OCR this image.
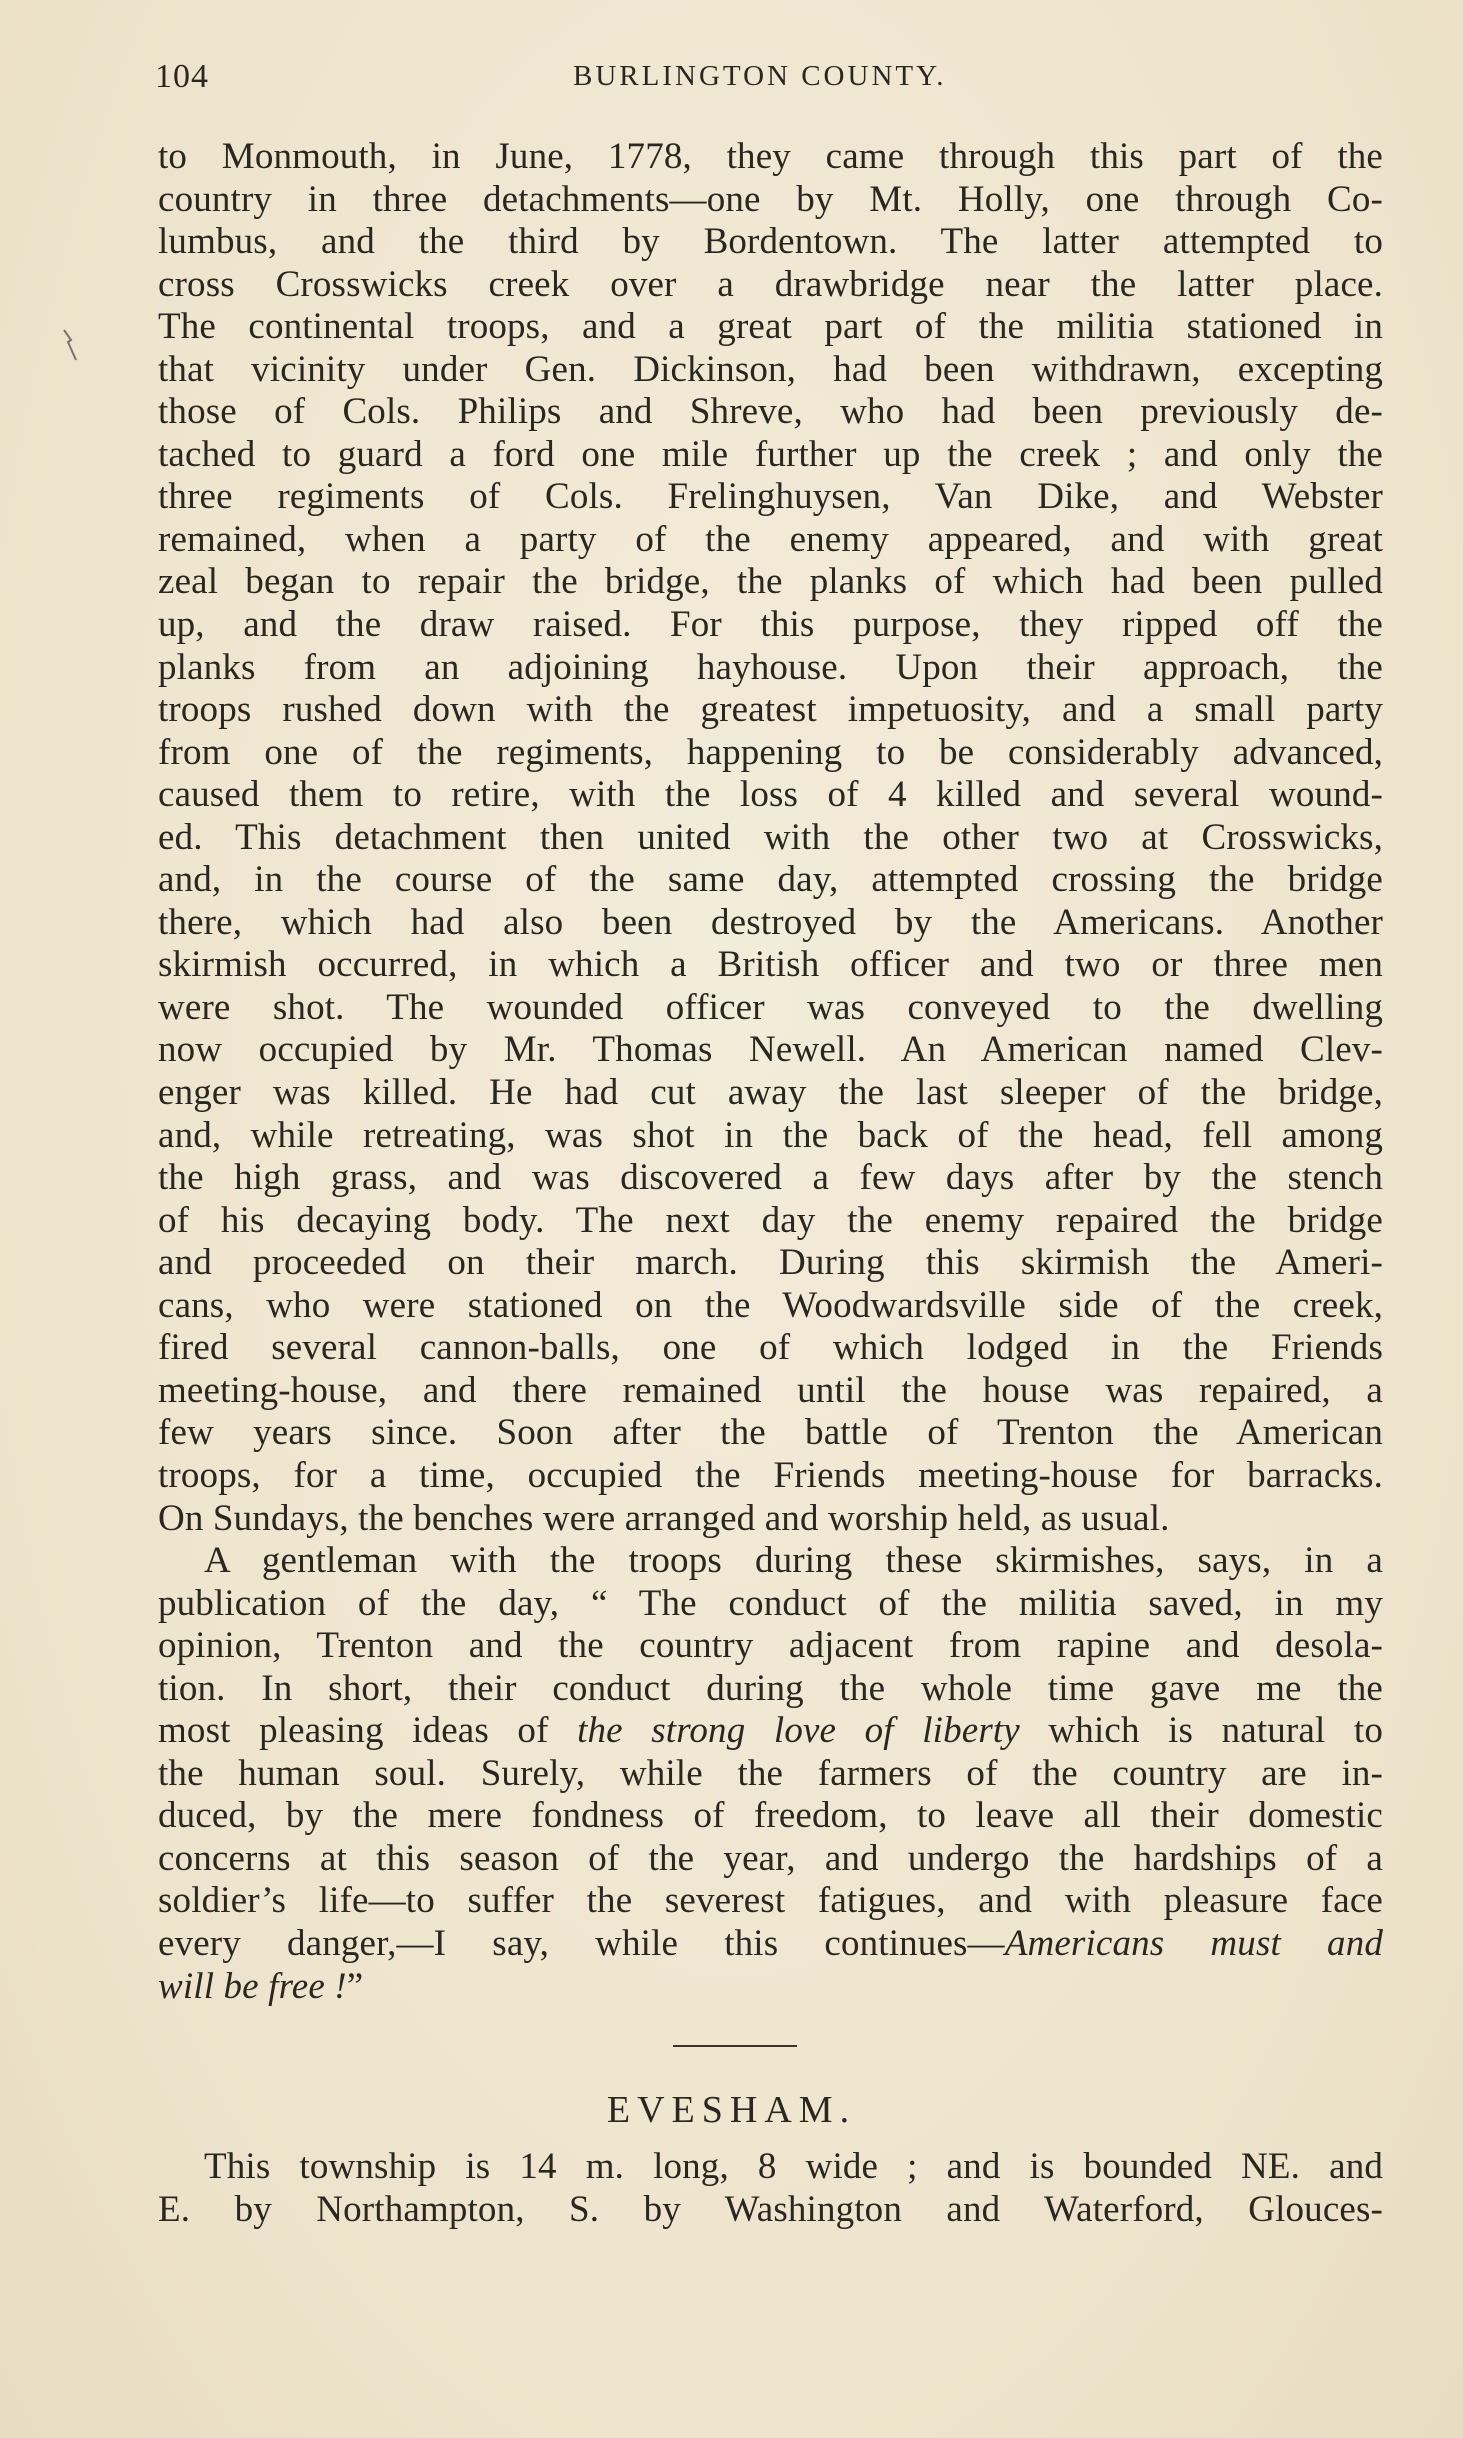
104	BURLINGTON COUNTY.
to Monmouth, in June, 1778, they came through this part of the
country in three detachments—one by Mt. Holly, one through Co-
lumbus, and the third by Bordentown. The latter attempted to
cross Crosswicks creek over a drawbridge near the latter place.
The continental troops, and a great part of the militia stationed in
that vicinity under Gen. Dickinson, had been withdrawn, excepting
those of Cols. Philips and Shreve, who had been previously de-
tached to guard a ford one mile further up the creek ; and only the
three regiments of Cols. Frelinghuysen, Van Dike, and Webster
remained, when a party of the enemy appeared, and with great
zeal began to repair the bridge, the planks of which had been pulled
up, and the draw raised. For this purpose, they ripped off the
planks from an adjoining hayhouse. Upon their approach, the
troops rushed down with the greatest impetuosity, and a small party
from one of the regiments, happening to be considerably advanced,
caused them to retire, with the loss of 4 killed and several wound-
ed. This detachment then united with the other two at Crosswicks,
and, in the course of the same day, attempted crossing the bridge
there, which had also been destroyed by the Americans. Another
skirmish occurred, in which a British officer and two or three men
were shot. The wounded officer was conveyed to the dwelling
now occupied by Mr. Thomas Newell. An American named Clev-
enger was killed. He had cut away the last sleeper of the bridge,
and, while retreating, was shot in the back of the head, fell among
the high grass, and was discovered a few days after by the stench
of his decaying body. The next day the enemy repaired the bridge
and proceeded on their march. During this skirmish the Ameri-
cans, who were stationed on the Woodwardsville side of the creek,
fired several cannon-balls, one of which lodged in the Friends
meeting-house, and there remained until the house was repaired, a
few years since. Soon after the battle of Trenton the American
troops, for a time, occupied the Friends meeting-house for barracks.
On Sundays, the benches were arranged and worship held, as usual.
A gentleman with the troops during these skirmishes, says, in a
publication of the day, “ The conduct of the militia saved, in my
opinion, Trenton and the country adjacent from rapine and desola-
tion. In short, their conduct during the whole time gave me the
most pleasing ideas of the strong love of liberty which is natural to
the human soul. Surely, while the farmers of the country are in-
duced, by the mere fondness of freedom, to leave all their domestic
concerns at this season of the year, and undergo the hardships of a
soldier’s life—to suffer the severest fatigues, and with pleasure face
every danger,—I say, while this continues—Americans must and
will be free !”
EVESHAM.
This township is 14 m. long, 8 wide ; and is bounded NE. and
E. by Northampton, S. by Washington and Waterford, Glouces-
